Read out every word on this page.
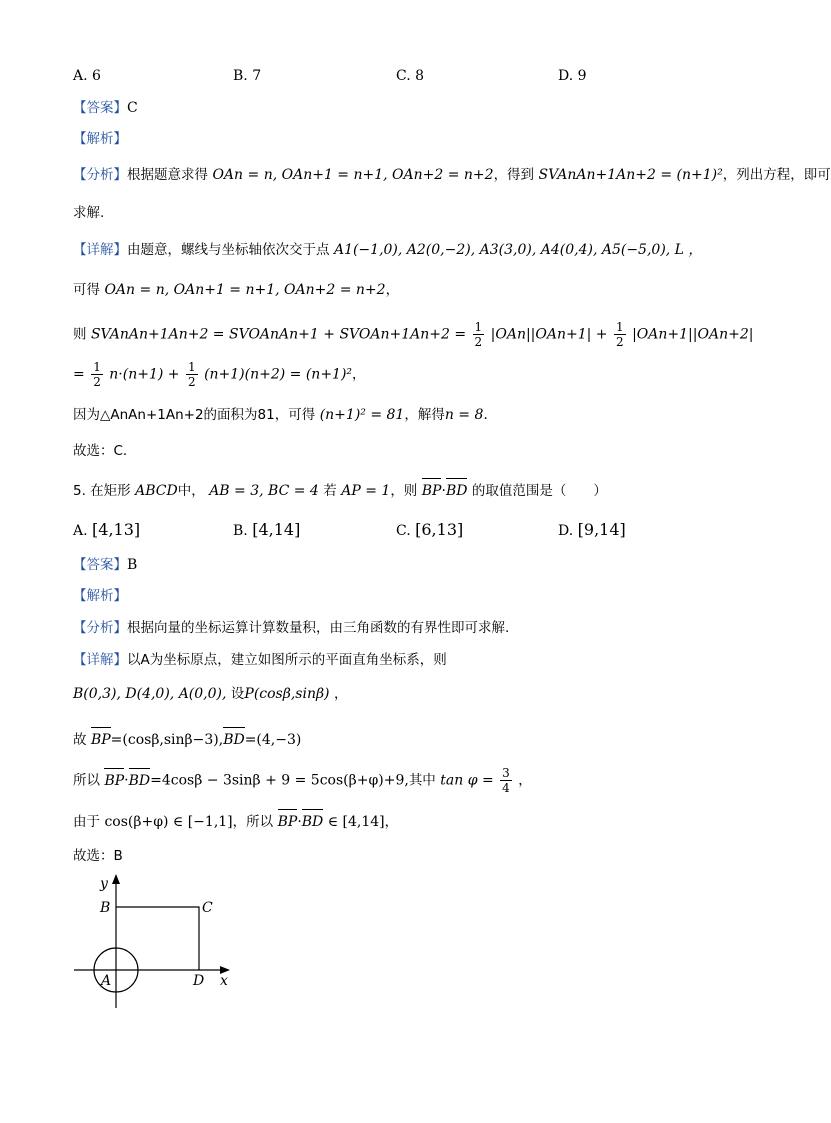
A. 6	B. 7	C. 8	D. 9
【答案】C
【解析】
【分析】根据题意求得 OAn = n, OAn+1 = n+1, OAn+2 = n+2，得到 SVAnAn+1An+2 = (n+1)²，列出方程，即可
求解.
【详解】由题意，螺线与坐标轴依次交于点 A1(−1,0), A2(0,−2), A3(3,0), A4(0,4), A5(−5,0), L ，
可得 OAn = n, OAn+1 = n+1, OAn+2 = n+2，
则 SVAnAn+1An+2 = SVOAnAn+1 + SVOAn+1An+2 = $\frac{1}{2} |OAn||OAn+1| + \frac{1}{2} |OAn+1||OAn+2|$
= $\frac{1}{2} n\cdot(n+1) + \frac{1}{2} (n+1)(n+2) = (n+1)^2$，
因为△AnAn+1An+2的面积为81，可得 (n+1)² = 81，解得n = 8.
故选：C.
5. 在矩形 ABCD中， AB = 3, BC = 4 若 AP = 1，则 BP·BD 的取值范围是（　　）
A. [4,13]	B. [4,14]	C. [6,13]	D. [9,14]
【答案】B
【解析】
【分析】根据向量的坐标运算计算数量积，由三角函数的有界性即可求解.
【详解】以A为坐标原点，建立如图所示的平面直角坐标系，则
B(0,3), D(4,0), A(0,0), 设P(cosβ,sinβ) ，
故 BP=(cosβ,sinβ−3),BD=(4,−3)
所以 BP·BD=4cosβ − 3sinβ + 9 = 5cos(β+φ)+9,其中 $\tan \varphi = \frac{3}{4}$ ，
由于 cos(β+φ) ∈ [−1,1]，所以 BP·BD ∈ [4,14]，
故选：B
y
B	C
A	D x
